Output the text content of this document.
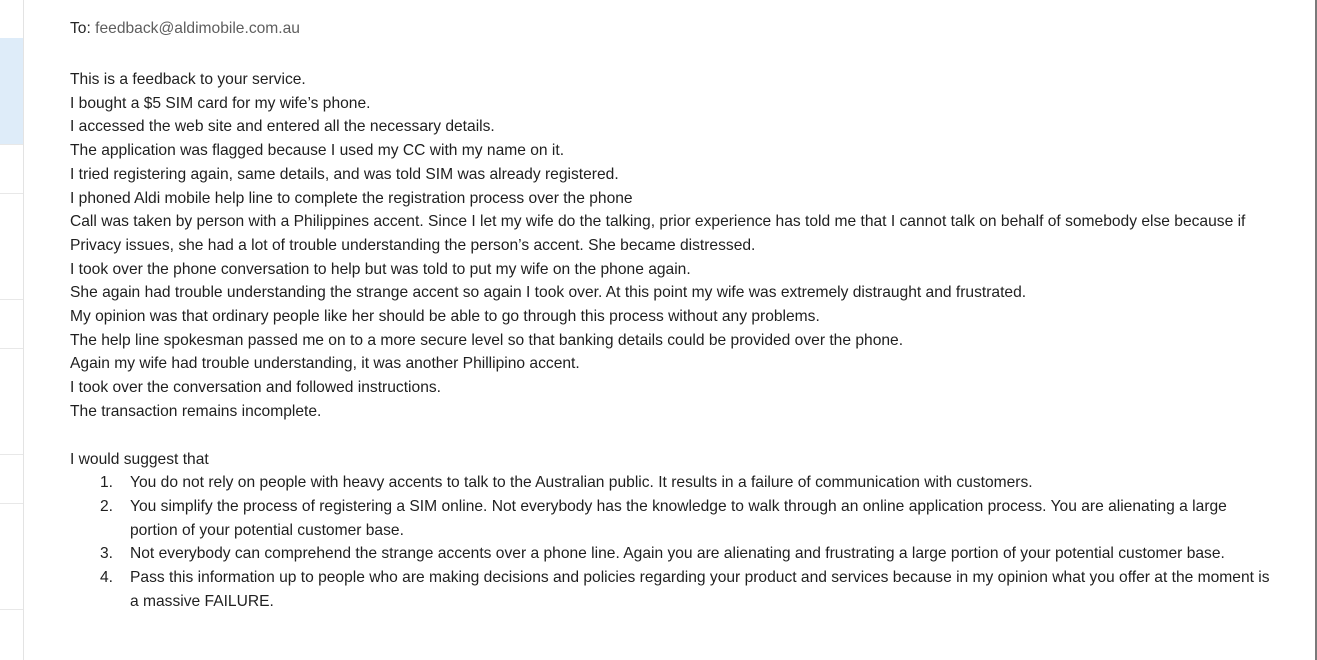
To: feedback@aldimobile.com.au

This is a feedback to your service.

I bought a $5 SIM card for my wife’s phone.

I accessed the web site and entered all the necessary details.

The application was flagged because I used my CC with my name on it.

I tried registering again, same details, and was told SIM was already registered.

I phoned Aldi mobile help line to complete the registration process over the phone

Call was taken by person with a Philippines accent. Since I let my wife do the talking, prior experience has told me that I cannot talk on behalf of somebody else because if Privacy issues, she had a lot of trouble understanding the person’s accent. She became distressed.

I took over the phone conversation to help but was told to put my wife on the phone again.

She again had trouble understanding the strange accent so again I took over. At this point my wife was extremely distraught and frustrated.

My opinion was that ordinary people like her should be able to go through this process without any problems.

The help line spokesman passed me on to a more secure level so that banking details could be provided over the phone.

Again my wife had trouble understanding, it was another Phillipino accent.

I took over the conversation and followed instructions.

The transaction remains incomplete.

I would suggest that

1. You do not rely on people with heavy accents to talk to the Australian public. It results in a failure of communication with customers.
2. You simplify the process of registering a SIM online. Not everybody has the knowledge to walk through an online application process. You are alienating a large portion of your potential customer base.
3. Not everybody can comprehend the strange accents over a phone line. Again you are alienating and frustrating a large portion of your potential customer base.
4. Pass this information up to people who are making decisions and policies regarding your product and services because in my opinion what you offer at the moment is a massive FAILURE.
